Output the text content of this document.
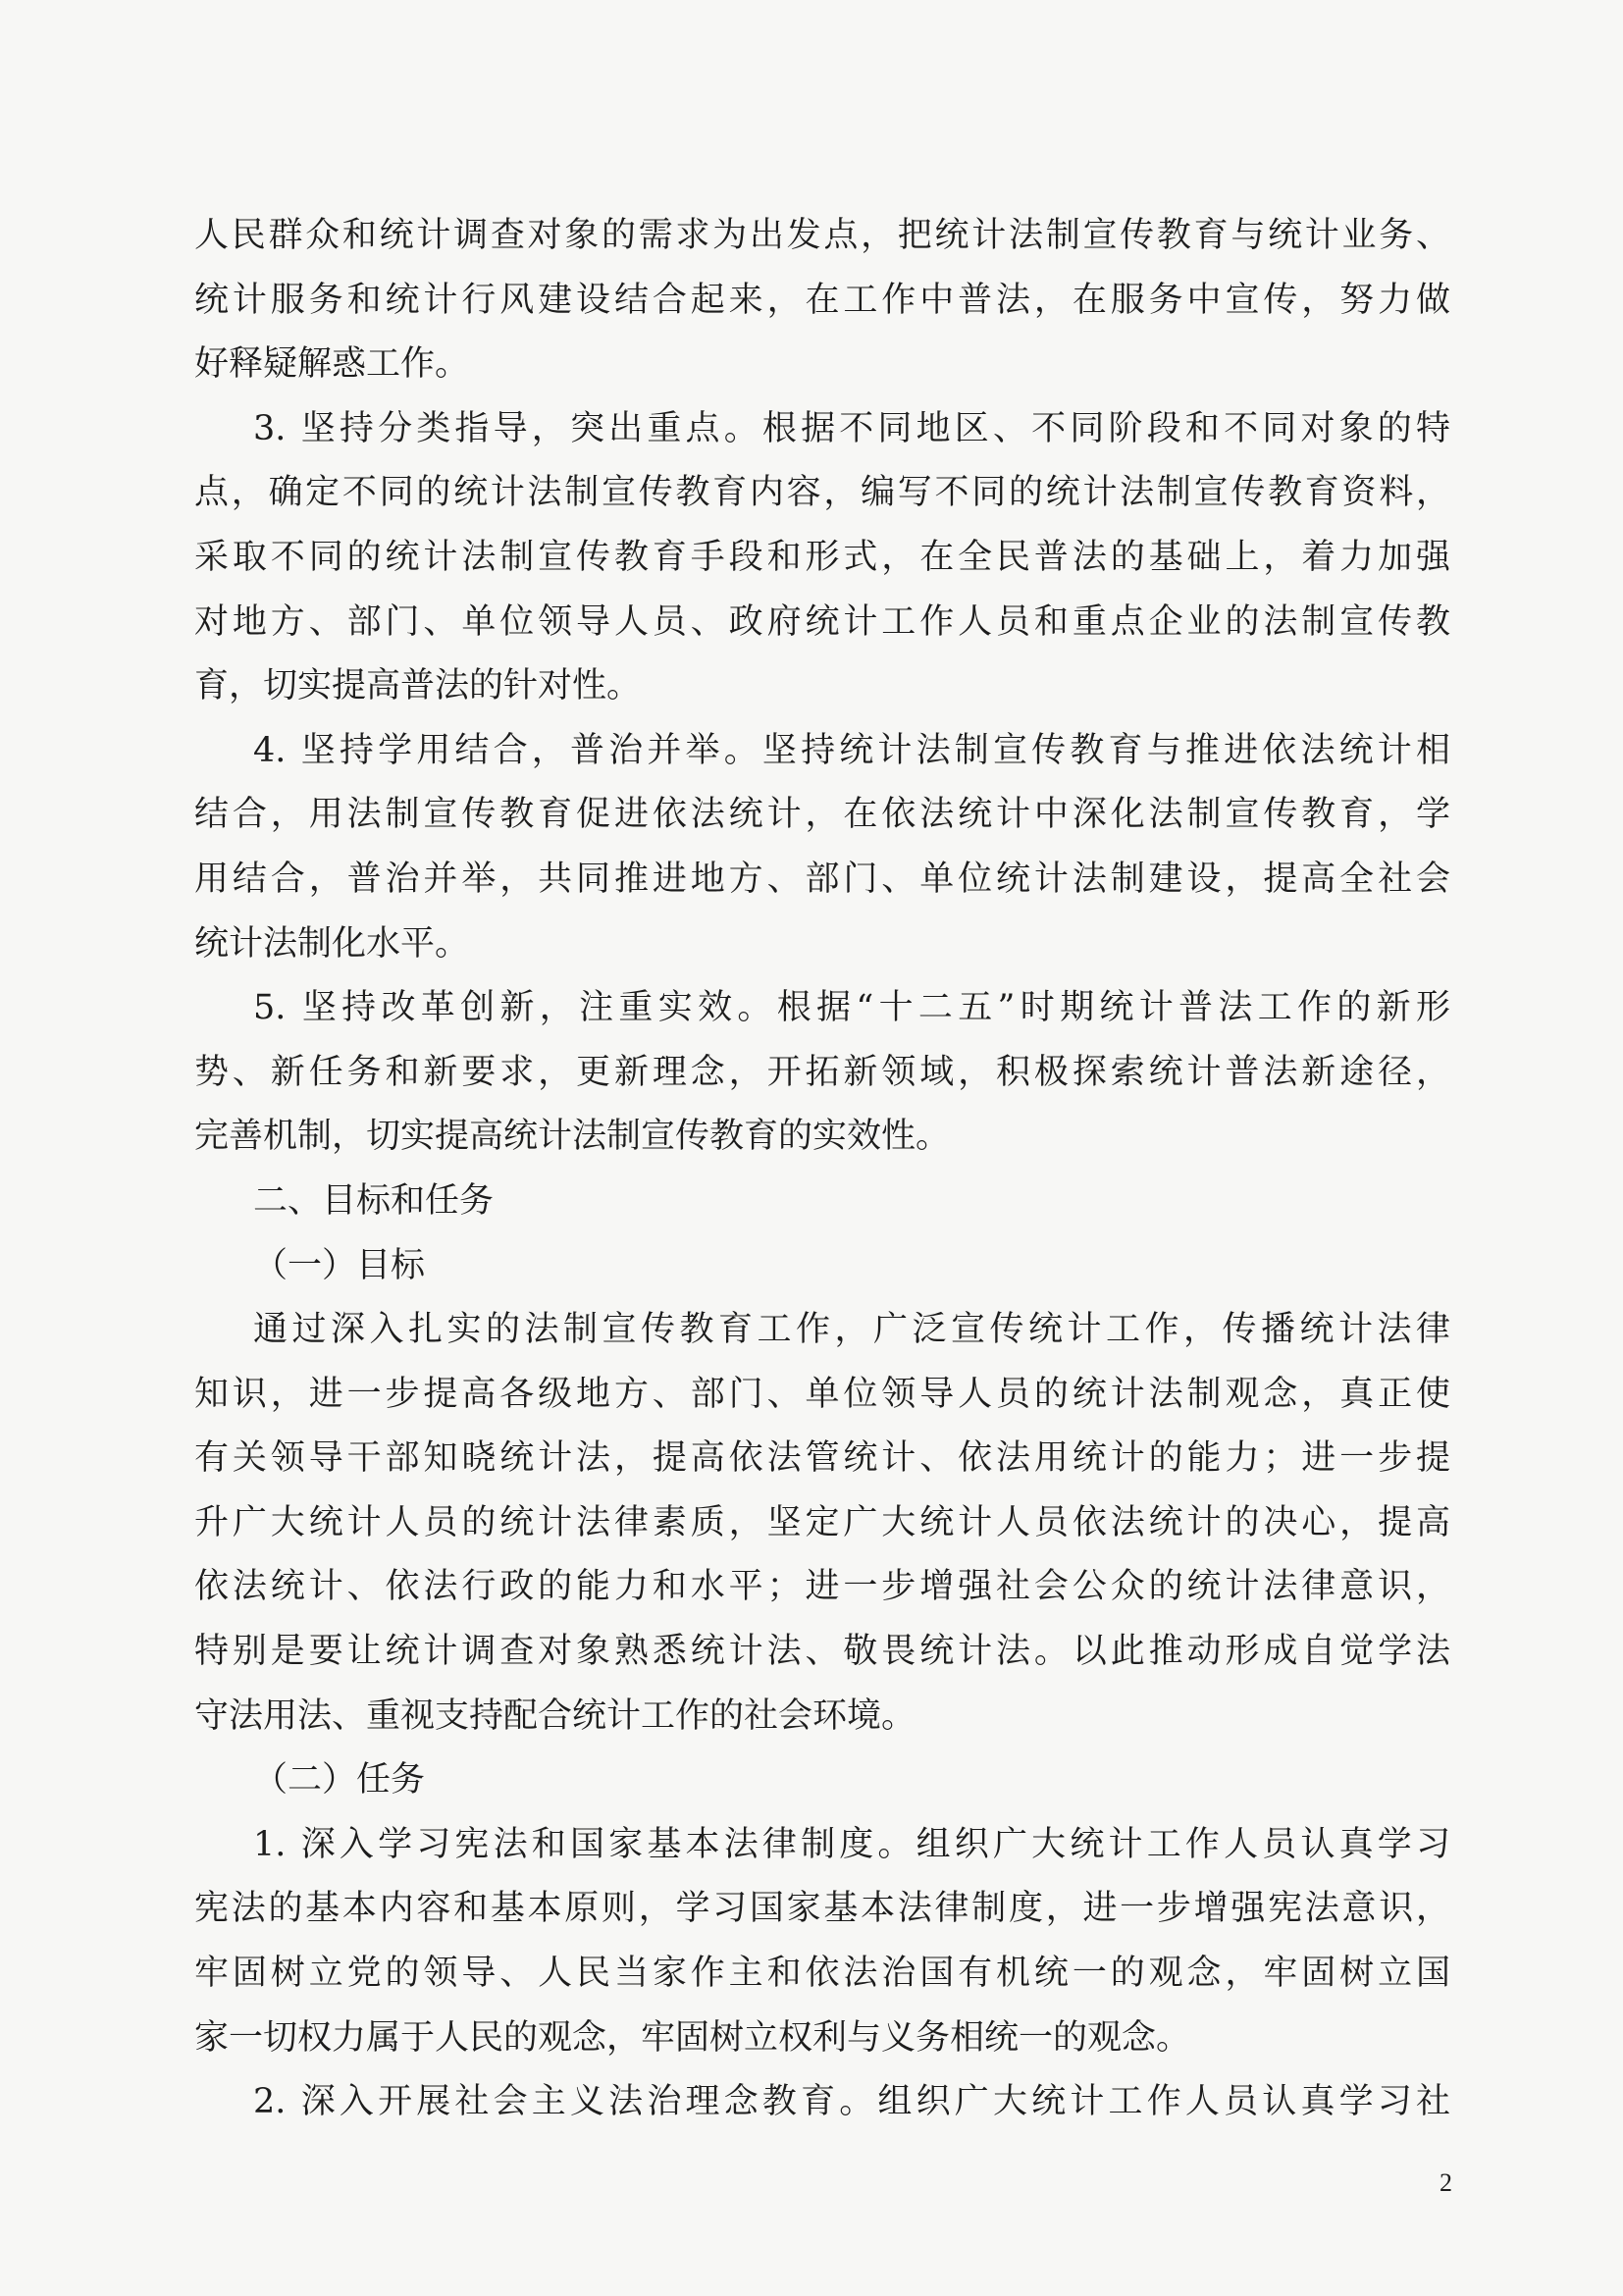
人民群众和统计调查对象的需求为出发点，把统计法制宣传教育与统计业务、
统计服务和统计行风建设结合起来，在工作中普法，在服务中宣传，努力做
好释疑解惑工作。
3. 坚持分类指导，突出重点。根据不同地区、不同阶段和不同对象的特
点，确定不同的统计法制宣传教育内容，编写不同的统计法制宣传教育资料，
采取不同的统计法制宣传教育手段和形式，在全民普法的基础上，着力加强
对地方、部门、单位领导人员、政府统计工作人员和重点企业的法制宣传教
育，切实提高普法的针对性。
4. 坚持学用结合，普治并举。坚持统计法制宣传教育与推进依法统计相
结合，用法制宣传教育促进依法统计，在依法统计中深化法制宣传教育，学
用结合，普治并举，共同推进地方、部门、单位统计法制建设，提高全社会
统计法制化水平。
5. 坚持改革创新，注重实效。根据“十二五”时期统计普法工作的新形
势、新任务和新要求，更新理念，开拓新领域，积极探索统计普法新途径，
完善机制，切实提高统计法制宣传教育的实效性。
二、目标和任务
（一）目标
通过深入扎实的法制宣传教育工作，广泛宣传统计工作，传播统计法律
知识，进一步提高各级地方、部门、单位领导人员的统计法制观念，真正使
有关领导干部知晓统计法，提高依法管统计、依法用统计的能力；进一步提
升广大统计人员的统计法律素质，坚定广大统计人员依法统计的决心，提高
依法统计、依法行政的能力和水平；进一步增强社会公众的统计法律意识，
特别是要让统计调查对象熟悉统计法、敬畏统计法。以此推动形成自觉学法
守法用法、重视支持配合统计工作的社会环境。
（二）任务
1. 深入学习宪法和国家基本法律制度。组织广大统计工作人员认真学习
宪法的基本内容和基本原则，学习国家基本法律制度，进一步增强宪法意识，
牢固树立党的领导、人民当家作主和依法治国有机统一的观念，牢固树立国
家一切权力属于人民的观念，牢固树立权利与义务相统一的观念。
2. 深入开展社会主义法治理念教育。组织广大统计工作人员认真学习社
2
